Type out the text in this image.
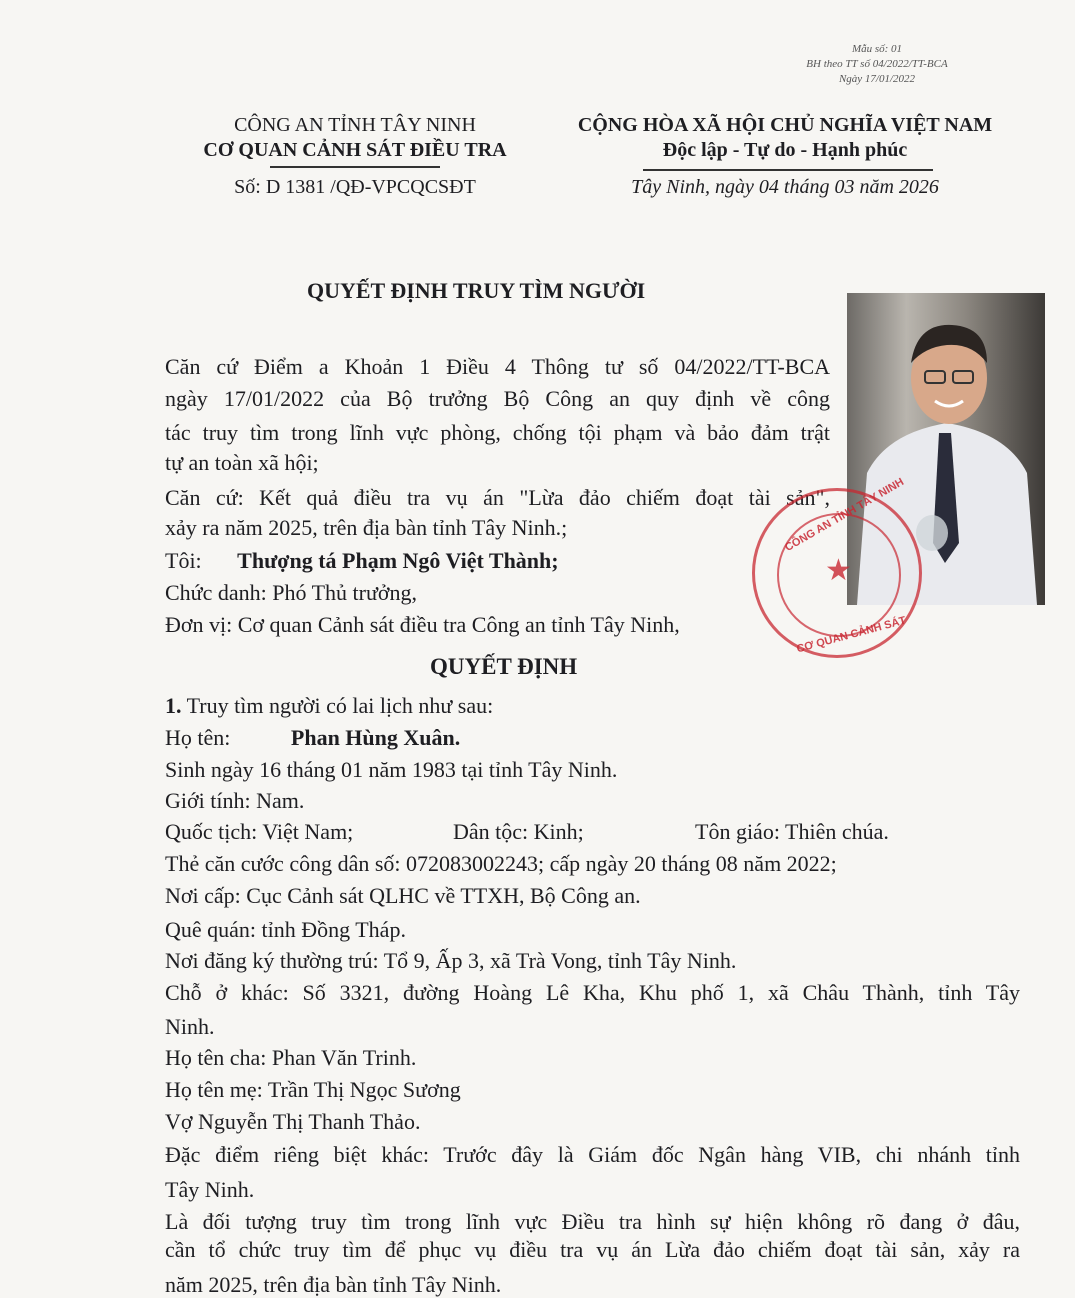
Mẫu số: 01
BH theo TT số 04/2022/TT-BCA
Ngày 17/01/2022
CÔNG AN TỈNH TÂY NINH
CƠ QUAN CẢNH SÁT ĐIỀU TRA
Số: D 1381 /QĐ-VPCQCSĐT
CỘNG HÒA XÃ HỘI CHỦ NGHĨA VIỆT NAM
Độc lập - Tự do - Hạnh phúc
Tây Ninh, ngày 04 tháng 03 năm 2026
QUYẾT ĐỊNH TRUY TÌM NGƯỜI
Căn cứ Điểm a Khoản 1 Điều 4 Thông tư số 04/2022/TT-BCA
ngày 17/01/2022 của Bộ trưởng Bộ Công an quy định về công
tác truy tìm trong lĩnh vực phòng, chống tội phạm và bảo đảm trật
tự an toàn xã hội;
Căn cứ: Kết quả điều tra vụ án "Lừa đảo chiếm đoạt tài sản",
xảy ra năm 2025, trên địa bàn tỉnh Tây Ninh.;
Tôi: Thượng tá Phạm Ngô Việt Thành;
Chức danh: Phó Thủ trưởng,
Đơn vị: Cơ quan Cảnh sát điều tra Công an tỉnh Tây Ninh,
QUYẾT ĐỊNH
1. Truy tìm người có lai lịch như sau:
Họ tên:	Phan Hùng Xuân.
Sinh ngày 16 tháng 01 năm 1983 tại tỉnh Tây Ninh.
Giới tính: Nam.
Quốc tịch: Việt Nam;	Dân tộc: Kinh;	Tôn giáo: Thiên chúa.
Thẻ căn cước công dân số: 072083002243; cấp ngày 20 tháng 08 năm 2022;
Nơi cấp: Cục Cảnh sát QLHC về TTXH, Bộ Công an.
Quê quán: tỉnh Đồng Tháp.
Nơi đăng ký thường trú: Tổ 9, Ấp 3, xã Trà Vong, tỉnh Tây Ninh.
Chỗ ở khác: Số 3321, đường Hoàng Lê Kha, Khu phố 1, xã Châu Thành, tỉnh Tây
Ninh.
Họ tên cha: Phan Văn Trinh.
Họ tên mẹ: Trần Thị Ngọc Sương
Vợ Nguyễn Thị Thanh Thảo.
Đặc điểm riêng biệt khác: Trước đây là Giám đốc Ngân hàng VIB, chi nhánh tỉnh
Tây Ninh.
Là đối tượng truy tìm trong lĩnh vực Điều tra hình sự hiện không rõ đang ở đâu,
cần tổ chức truy tìm để phục vụ điều tra vụ án Lừa đảo chiếm đoạt tài sản, xảy ra
năm 2025, trên địa bàn tỉnh Tây Ninh.
CÔNG AN TỈNH TÂY NINH
CƠ QUAN CẢNH SÁT
★
